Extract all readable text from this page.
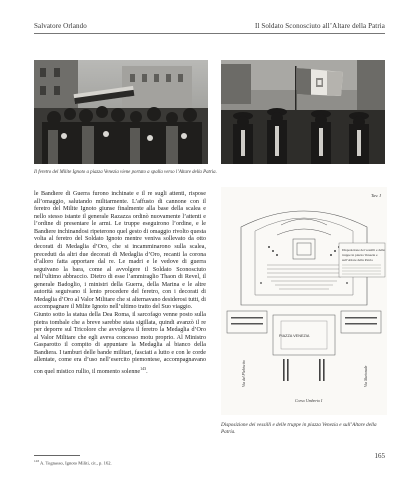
Salvatore Orlando	Il Soldato Sconosciuto all’Altare della Patria
Il feretro del Milite Ignoto a piazza Venezia viene portato a spalla verso l’Altare della Patria.

le Bandiere di Guerra furono inchinate e il re sugli attenti, rispose all’omaggio, salutando militarmente. L’affusto di cannone con il feretro del Milite Ignoto giunse finalmente alla base della scalea e nello stesso istante il generale Razazza ordinò nuovamente l’attenti e l’ordine di presentare le armi. Le truppe eseguirono l’ordine, e le Bandiere inchinandosi ripeterono quel gesto di omaggio rivolto questa volta al feretro del Soldato Ignoto mentre veniva sollevato da otto decorati di Medaglia d’Oro, che si incamminarono sulla scalea, preceduti da altri due decorati di Medaglia d’Oro, recanti la corona d’alloro fatta apportare dal re. Le madri e le vedove di guerra seguivano la bara, come al avvolgere il Soldato Sconosciuto nell’ultimo abbraccio. Dietro di esse l’ammiraglio Thaon di Revel, il generale Badoglio, i ministri della Guerra, della Marina e le altre autorità seguivano il lento procedere del feretro, con i decorati di Medaglia d’Oro al Valor Militare che si alternavano desiderosi tutti, di accompagnare il Milite Ignoto nell’ultimo tratto del Suo viaggio.

Giunto sotto la statua della Dea Roma, il sarcofago venne posto sulla pietra tombale che a breve sarebbe stata sigillata, quindi avanzò il re per deporre sul Tricolore che avvolgeva il feretro la Medaglia d’Oro al Valor Militare che egli aveva concesso motu proprio. Al Ministro Gasparotto il compito di appuntare la Medaglia al bianco della Bandiera. I tamburi delle bande militari, fasciati a lutto e con le corde allentate, come era d’uso nell’esercito piemontese, accompagnavano con quel mistico rullio, il momento solenne$^{143}$.

$^{143}$ A. Tognasso, Ignoto Militi, cit., p. 162.
Tav. I
PIAZZA VENEZIA
Corso Umberto I
Via del Plebiscito	Via Nazionale
Disposizione dei vessilli e delle
truppe in piazza Venezia e
sull’Altare della Patria
Disposizione dei vessilli e delle truppe in piazza Venezia e sull’Altare della Patria.
165
